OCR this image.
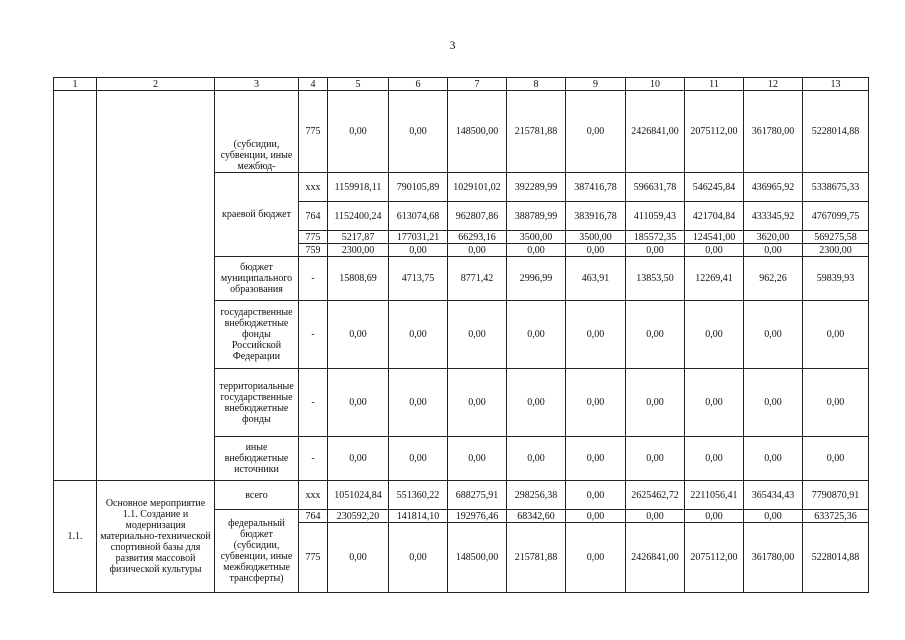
3
1	2	3	4	5	6	7	8	9	10	11	12	13
		(субсидии, субвенции, иные межбюд-	775	0,00	0,00	148500,00	215781,88	0,00	2426841,00	2075112,00	361780,00	5228014,88
		краевой бюджет	xxx	1159918,11	790105,89	1029101,02	392289,99	387416,78	596631,78	546245,84	436965,92	5338675,33
			764	1152400,24	613074,68	962807,86	388789,99	383916,78	411059,43	421704,84	433345,92	4767099,75
			775	5217,87	177031,21	66293,16	3500,00	3500,00	185572,35	124541,00	3620,00	569275,58
			759	2300,00	0,00	0,00	0,00	0,00	0,00	0,00	0,00	2300,00
		бюджет муниципального образования	-	15808,69	4713,75	8771,42	2996,99	463,91	13853,50	12269,41	962,26	59839,93
		государственные внебюджетные фонды Российской Федерации	-	0,00	0,00	0,00	0,00	0,00	0,00	0,00	0,00	0,00
		территориальные государственные внебюджетные фонды	-	0,00	0,00	0,00	0,00	0,00	0,00	0,00	0,00	0,00
		иные внебюджетные источники	-	0,00	0,00	0,00	0,00	0,00	0,00	0,00	0,00	0,00
1.1.	Основное мероприятие 1.1. Создание и модернизация материально-технической спортивной базы для развития массовой физической культуры	всего	xxx	1051024,84	551360,22	688275,91	298256,38	0,00	2625462,72	2211056,41	365434,43	7790870,91
		федеральный бюджет (субсидии, субвенции, иные межбюджетные трансферты)	764	230592,20	141814,10	192976,46	68342,60	0,00	0,00	0,00	0,00	633725,36
			775	0,00	0,00	148500,00	215781,88	0,00	2426841,00	2075112,00	361780,00	5228014,88
